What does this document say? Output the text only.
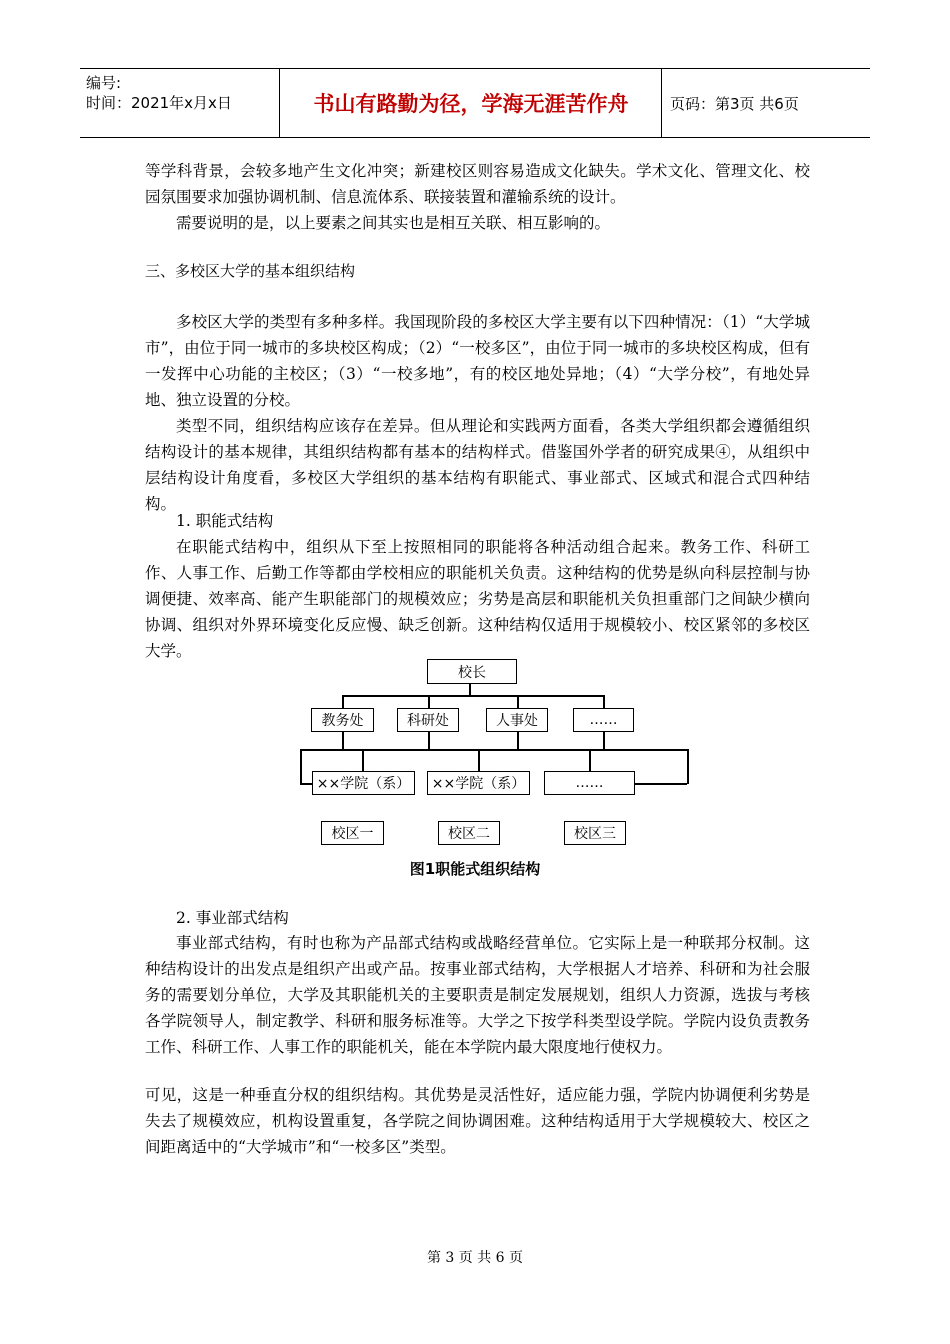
编号:
时间：2021年x月x日	书山有路勤为径，学海无涯苦作舟	页码：第3页 共6页

等学科背景，会较多地产生文化冲突；新建校区则容易造成文化缺失。学术文化、管理文化、校园氛围要求加强协调机制、信息流体系、联接装置和灌输系统的设计。

需要说明的是，以上要素之间其实也是相互关联、相互影响的。

三、多校区大学的基本组织结构

多校区大学的类型有多种多样。我国现阶段的多校区大学主要有以下四种情况：（1）“大学城市”，由位于同一城市的多块校区构成；（2）“一校多区”，由位于同一城市的多块校区构成，但有一发挥中心功能的主校区；（3）“一校多地”，有的校区地处异地；（4）“大学分校”，有地处异地、独立设置的分校。

类型不同，组织结构应该存在差异。但从理论和实践两方面看，各类大学组织都会遵循组织结构设计的基本规律，其组织结构都有基本的结构样式。借鉴国外学者的研究成果④，从组织中层结构设计角度看，多校区大学组织的基本结构有职能式、事业部式、区域式和混合式四种结构。

1. 职能式结构

在职能式结构中，组织从下至上按照相同的职能将各种活动组合起来。教务工作、科研工作、人事工作、后勤工作等都由学校相应的职能机关负责。这种结构的优势是纵向科层控制与协调便捷、效率高、能产生职能部门的规模效应；劣势是高层和职能机关负担重部门之间缺少横向协调、组织对外界环境变化反应慢、缺乏创新。这种结构仅适用于规模较小、校区紧邻的多校区大学。

校长
教务处	科研处	人事处	……
××学院（系）	××学院（系）	……
校区一	校区二	校区三
图1职能式组织结构

2. 事业部式结构

事业部式结构，有时也称为产品部式结构或战略经营单位。它实际上是一种联邦分权制。这种结构设计的出发点是组织产出或产品。按事业部式结构，大学根据人才培养、科研和为社会服务的需要划分单位，大学及其职能机关的主要职责是制定发展规划，组织人力资源，选拔与考核各学院领导人，制定教学、科研和服务标准等。大学之下按学科类型设学院。学院内设负责教务工作、科研工作、人事工作的职能机关，能在本学院内最大限度地行使权力。

可见，这是一种垂直分权的组织结构。其优势是灵活性好，适应能力强，学院内协调便利劣势是失去了规模效应，机构设置重复，各学院之间协调困难。这种结构适用于大学规模较大、校区之间距离适中的“大学城市”和“一校多区”类型。

第 3 页 共 6 页
